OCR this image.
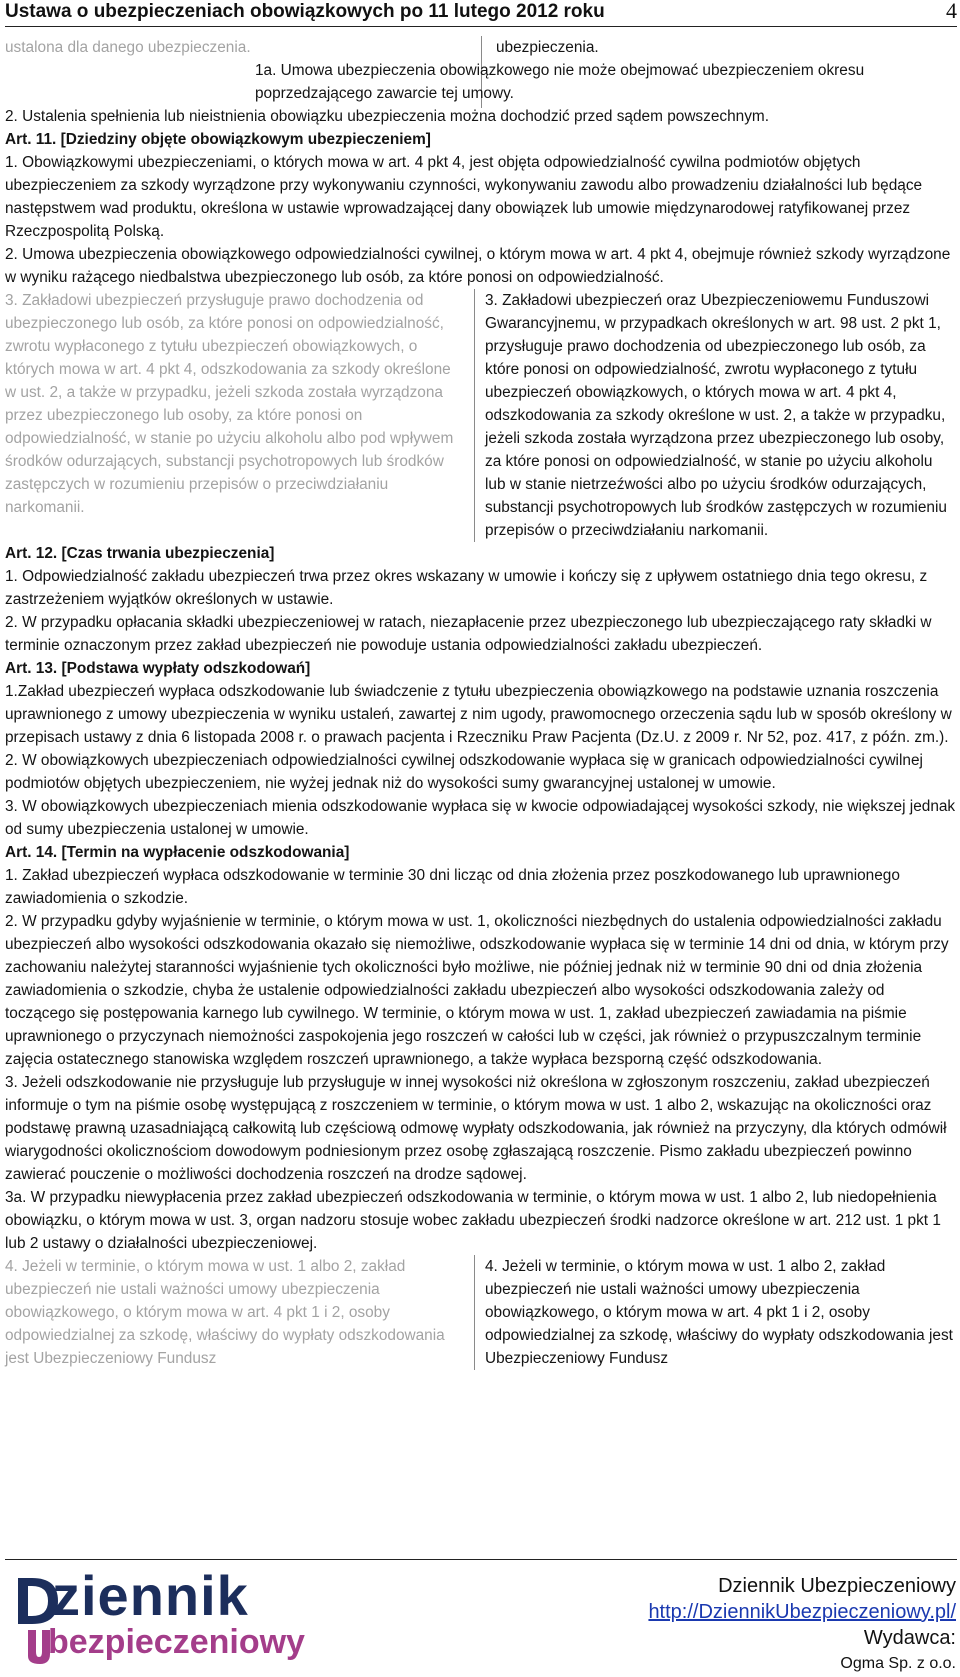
Ustawa o ubezpieczeniach obowiązkowych po 11 lutego 2012 roku	4
ustalona dla danego ubezpieczenia.	ubezpieczenia.

1a. Umowa ubezpieczenia obowiązkowego nie może obejmować ubezpieczeniem okresu poprzedzającego zawarcie tej umowy.

2. Ustalenia spełnienia lub nieistnienia obowiązku ubezpieczenia można dochodzić przed sądem powszechnym.

Art. 11. [Dziedziny objęte obowiązkowym ubezpieczeniem]

1. Obowiązkowymi ubezpieczeniami, o których mowa w art. 4 pkt 4, jest objęta odpowiedzialność cywilna podmiotów objętych ubezpieczeniem za szkody wyrządzone przy wykonywaniu czynności, wykonywaniu zawodu albo prowadzeniu działalności lub będące następstwem wad produktu, określona w ustawie wprowadzającej dany obowiązek lub umowie międzynarodowej ratyfikowanej przez Rzeczpospolitą Polską.

2. Umowa ubezpieczenia obowiązkowego odpowiedzialności cywilnej, o którym mowa w art. 4 pkt 4, obejmuje również szkody wyrządzone w wyniku rażącego niedbalstwa ubezpieczonego lub osób, za które ponosi on odpowiedzialność.

3. Zakładowi ubezpieczeń przysługuje prawo dochodzenia od ubezpieczonego lub osób, za które ponosi on odpowiedzialność, zwrotu wypłaconego z tytułu ubezpieczeń obowiązkowych, o których mowa w art. 4 pkt 4, odszkodowania za szkody określone w ust. 2, a także w przypadku, jeżeli szkoda została wyrządzona przez ubezpieczonego lub osoby, za które ponosi on odpowiedzialność, w stanie po użyciu alkoholu albo pod wpływem środków odurzających, substancji psychotropowych lub środków zastępczych w rozumieniu przepisów o przeciwdziałaniu narkomanii.
3. Zakładowi ubezpieczeń oraz Ubezpieczeniowemu Funduszowi Gwarancyjnemu, w przypadkach określonych w art. 98 ust. 2 pkt 1, przysługuje prawo dochodzenia od ubezpieczonego lub osób, za które ponosi on odpowiedzialność, zwrotu wypłaconego z tytułu ubezpieczeń obowiązkowych, o których mowa w art. 4 pkt 4, odszkodowania za szkody określone w ust. 2, a także w przypadku, jeżeli szkoda została wyrządzona przez ubezpieczonego lub osoby, za które ponosi on odpowiedzialność, w stanie po użyciu alkoholu lub w stanie nietrzeźwości albo po użyciu środków odurzających, substancji psychotropowych lub środków zastępczych w rozumieniu przepisów o przeciwdziałaniu narkomanii.

Art. 12. [Czas trwania ubezpieczenia]

1. Odpowiedzialność zakładu ubezpieczeń trwa przez okres wskazany w umowie i kończy się z upływem ostatniego dnia tego okresu, z zastrzeżeniem wyjątków określonych w ustawie.

2. W przypadku opłacania składki ubezpieczeniowej w ratach, niezapłacenie przez ubezpieczonego lub ubezpieczającego raty składki w terminie oznaczonym przez zakład ubezpieczeń nie powoduje ustania odpowiedzialności zakładu ubezpieczeń.

Art. 13. [Podstawa wypłaty odszkodowań]

1.Zakład ubezpieczeń wypłaca odszkodowanie lub świadczenie z tytułu ubezpieczenia obowiązkowego na podstawie uznania roszczenia uprawnionego z umowy ubezpieczenia w wyniku ustaleń, zawartej z nim ugody, prawomocnego orzeczenia sądu lub w sposób określony w przepisach ustawy z dnia 6 listopada 2008 r. o prawach pacjenta i Rzeczniku Praw Pacjenta (Dz.U. z 2009 r. Nr 52, poz. 417, z późn. zm.).

2. W obowiązkowych ubezpieczeniach odpowiedzialności cywilnej odszkodowanie wypłaca się w granicach odpowiedzialności cywilnej podmiotów objętych ubezpieczeniem, nie wyżej jednak niż do wysokości sumy gwarancyjnej ustalonej w umowie.

3. W obowiązkowych ubezpieczeniach mienia odszkodowanie wypłaca się w kwocie odpowiadającej wysokości szkody, nie większej jednak od sumy ubezpieczenia ustalonej w umowie.

Art. 14. [Termin na wypłacenie odszkodowania]

1. Zakład ubezpieczeń wypłaca odszkodowanie w terminie 30 dni licząc od dnia złożenia przez poszkodowanego lub uprawnionego zawiadomienia o szkodzie.

2. W przypadku gdyby wyjaśnienie w terminie, o którym mowa w ust. 1, okoliczności niezbędnych do ustalenia odpowiedzialności zakładu ubezpieczeń albo wysokości odszkodowania okazało się niemożliwe, odszkodowanie wypłaca się w terminie 14 dni od dnia, w którym przy zachowaniu należytej staranności wyjaśnienie tych okoliczności było możliwe, nie później jednak niż w terminie 90 dni od dnia złożenia zawiadomienia o szkodzie, chyba że ustalenie odpowiedzialności zakładu ubezpieczeń albo wysokości odszkodowania zależy od toczącego się postępowania karnego lub cywilnego. W terminie, o którym mowa w ust. 1, zakład ubezpieczeń zawiadamia na piśmie uprawnionego o przyczynach niemożności zaspokojenia jego roszczeń w całości lub w części, jak również o przypuszczalnym terminie zajęcia ostatecznego stanowiska względem roszczeń uprawnionego, a także wypłaca bezsporną część odszkodowania.

3. Jeżeli odszkodowanie nie przysługuje lub przysługuje w innej wysokości niż określona w zgłoszonym roszczeniu, zakład ubezpieczeń informuje o tym na piśmie osobę występującą z roszczeniem w terminie, o którym mowa w ust. 1 albo 2, wskazując na okoliczności oraz podstawę prawną uzasadniającą całkowitą lub częściową odmowę wypłaty odszkodowania, jak również na przyczyny, dla których odmówił wiarygodności okolicznościom dowodowym podniesionym przez osobę zgłaszającą roszczenie. Pismo zakładu ubezpieczeń powinno zawierać pouczenie o możliwości dochodzenia roszczeń na drodze sądowej.

3a. W przypadku niewypłacenia przez zakład ubezpieczeń odszkodowania w terminie, o którym mowa w ust. 1 albo 2, lub niedopełnienia obowiązku, o którym mowa w ust. 3, organ nadzoru stosuje wobec zakładu ubezpieczeń środki nadzorce określone w art. 212 ust. 1 pkt 1 lub 2 ustawy o działalności ubezpieczeniowej.

4. Jeżeli w terminie, o którym mowa w ust. 1 albo 2, zakład ubezpieczeń nie ustali ważności umowy ubezpieczenia obowiązkowego, o którym mowa w art. 4 pkt 1 i 2, osoby odpowiedzialnej za szkodę, właściwy do wypłaty odszkodowania jest Ubezpieczeniowy Fundusz
4. Jeżeli w terminie, o którym mowa w ust. 1 albo 2, zakład ubezpieczeń nie ustali ważności umowy ubezpieczenia obowiązkowego, o którym mowa w art. 4 pkt 1 i 2, osoby odpowiedzialnej za szkodę, właściwy do wypłaty odszkodowania jest Ubezpieczeniowy Fundusz
ziennik
bezpieczeniowy
Dziennik Ubezpieczeniowy
http://DziennikUbezpieczeniowy.pl/
Wydawca:
Ogma Sp. z o.o.
